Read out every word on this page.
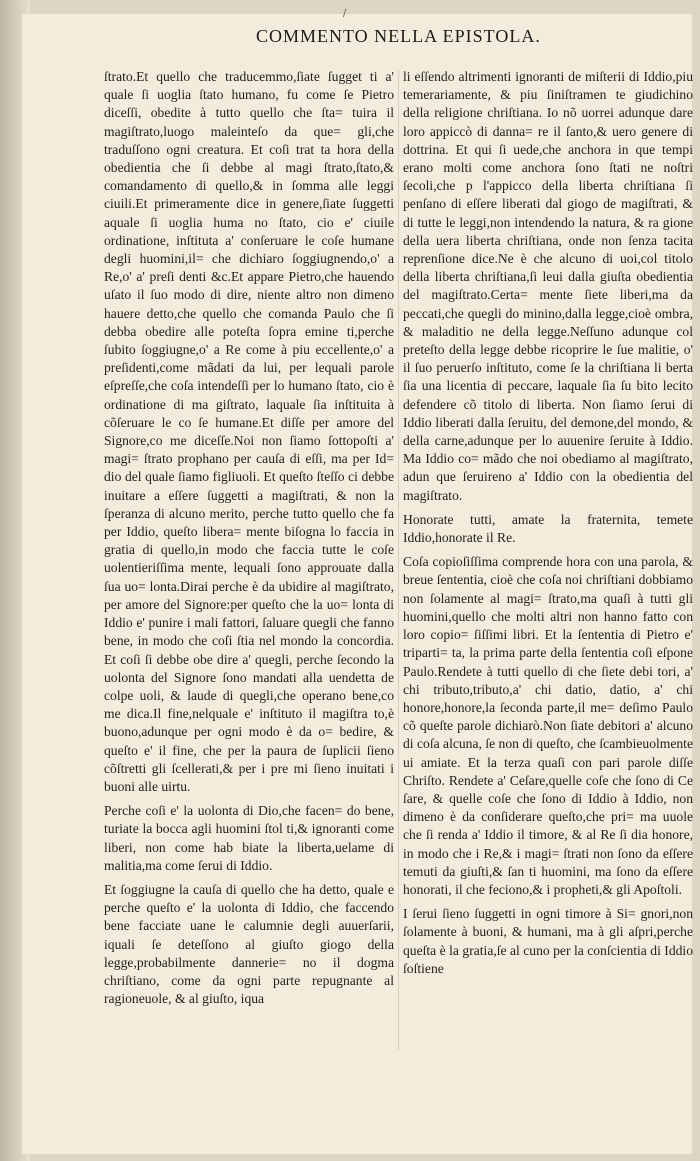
/
COMMENTO NELLA EPISTOLA.

ſtrato.Et quello che traducemmo,ſiate ſugget ti a' quale ſi uoglia ſtato humano, fu come ſe Pietro diceſſi, obedite à tutto quello che ſta= tuira il magiſtrato,luogo maleinteſo da que= gli,che traduſſono ogni creatura. Et coſi trat ta hora della obedientia che ſi debbe al magi ſtrato,ſtato,& comandamento di quello,& in ſomma alle leggi ciuili.Et primeramente dice in genere,ſiate ſuggetti aquale ſi uoglia huma no ſtato, cio e' ciuile ordinatione, inſtituta a' conſeruare le coſe humane degli huomini,il= che dichiaro ſoggiugnendo,o' a Re,o' a' preſi denti &c.Et appare Pietro,che hauendo uſato il ſuo modo di dire, niente altro non dimeno hauere detto,che quello che comanda Paulo che ſi debba obedire alle poteſta ſopra emine ti,perche ſubito ſoggiugne,o' a Re come à piu eccellente,o' a preſidenti,come mãdati da lui, per lequali parole eſpreſſe,che coſa intendeſſi per lo humano ſtato, cio è ordinatione di ma giſtrato, laquale ſia inſtituita à cõſeruare le co ſe humane.Et diſſe per amore del Signore,co me diceſſe.Noi non ſiamo ſottopoſti a' magi= ſtrato prophano per cauſa di eſſi, ma per Id= dio del quale ſiamo figliuoli. Et queſto ſteſſo ci debbe inuitare a eſſere ſuggetti a magiſtrati, & non la ſperanza di alcuno merito, perche tutto quello che fa per Iddio, queſto libera= mente biſogna lo faccia in gratia di quello,in modo che faccia tutte le coſe uolentieriſſima mente, lequali ſono approuate dalla ſua uo= lonta.Dirai perche è da ubidire al magiſtrato, per amore del Signore:per queſto che la uo= lonta di Iddio e' punire i mali fattori, ſaluare quegli che fanno bene, in modo che coſi ſtia nel mondo la concordia. Et coſi ſi debbe obe dire a' quegli, perche ſecondo la uolonta del Signore ſono mandati alla uendetta de colpe uoli, & laude di quegli,che operano bene,co me dica.Il fine,nelquale e' inſtituto il magiſtra to,è buono,adunque per ogni modo è da o= bedire, & queſto e' il fine, che per la paura de ſuplicii ſieno cõſtretti gli ſcellerati,& per i pre mi ſieno inuitati i buoni alle uirtu.

Perche coſi e' la uolonta di Dio,che facen= do bene, turiate la bocca agli huomini ſtol ti,& ignoranti come liberi, non come hab biate la liberta,uelame di malitia,ma come ſerui di Iddio.

Et ſoggiugne la cauſa di quello che ha detto, quale e perche queſto e' la uolonta di Iddio, che faccendo bene facciate uane le calumnie degli auuerſarii, iquali ſe deteſſono al giuſto giogo della legge,probabilmente dannerie= no il dogma chriſtiano, come da ogni parte repugnante al ragioneuole, & al giuſto, iqua

li eſſendo altrimenti ignoranti de miſterii di Iddio,piu temerariamente, & piu ſiniſtramen te giudichino della religione chriſtiana. Io nõ uorrei adunque dare loro appiccò di danna= re il ſanto,& uero genere di dottrina. Et qui ſi uede,che anchora in que tempi erano molti come anchora ſono ſtati ne noſtri ſecoli,che p l'appicco della liberta chriſtiana ſi penſano di eſſere liberati dal giogo de magiſtrati, & di tutte le leggi,non intendendo la natura, & ra gione della uera liberta chriſtiana, onde non ſenza tacita reprenſione dice.Ne è che alcuno di uoi,col titolo della liberta chriſtiana,ſi leui dalla giuſta obedientia del magiſtrato.Certa= mente ſiete liberi,ma da peccati,che quegli do minino,dalla legge,cioè ombra, & maladitio ne della legge.Neſſuno adunque col preteſto della legge debbe ricoprire le ſue malitie, o' il ſuo peruerſo inſtituto, come ſe la chriſtiana li berta ſia una licentia di peccare, laquale ſia ſu bito lecito defendere cõ titolo di liberta. Non ſiamo ſerui di Iddio liberati dalla ſeruitu, del demone,del mondo, & della carne,adunque per lo auuenire ſeruite à Iddio. Ma Iddio co= mãdo che noi obediamo al magiſtrato, adun que ſeruireno a' Iddio con la obedientia del magiſtrato.

Honorate tutti, amate la fraternita, temete Iddio,honorate il Re.

Coſa copioſiſſima comprende hora con una parola, & breue ſententia, cioè che coſa noi chriſtiani dobbiamo non ſolamente al magi= ſtrato,ma quaſi à tutti gli huomini,quello che molti altri non hanno fatto con loro copio= ſiſſimi libri. Et la ſententia di Pietro e' triparti= ta, la prima parte della ſententia coſi eſpone Paulo.Rendete à tutti quello di che ſiete debi tori, a' chi tributo,tributo,a' chi datio, datio, a' chi honore,honore,la ſeconda parte,il me= deſimo Paulo cõ queſte parole dichiarò.Non ſiate debitori a' alcuno di coſa alcuna, ſe non di queſto, che ſcambieuolmente ui amiate. Et la terza quaſi con pari parole diſſe Chriſto. Rendete a' Ceſare,quelle coſe che ſono di Ce ſare, & quelle coſe che ſono di Iddio à Iddio, non dimeno è da conſiderare queſto,che pri= ma uuole che ſi renda a' Iddio il timore, & al Re ſi dia honore, in modo che i Re,& i magi= ſtrati non ſono da eſſere temuti da giuſti,& ſan ti huomini, ma ſono da eſſere honorati, il che feciono,& i propheti,& gli Apoſtoli.

I ſerui ſieno ſuggetti in ogni timore à Si= gnori,non ſolamente à buoni, & humani, ma à gli aſpri,perche queſta è la gratia,ſe al cuno per la conſcientia di Iddio ſoſtiene
